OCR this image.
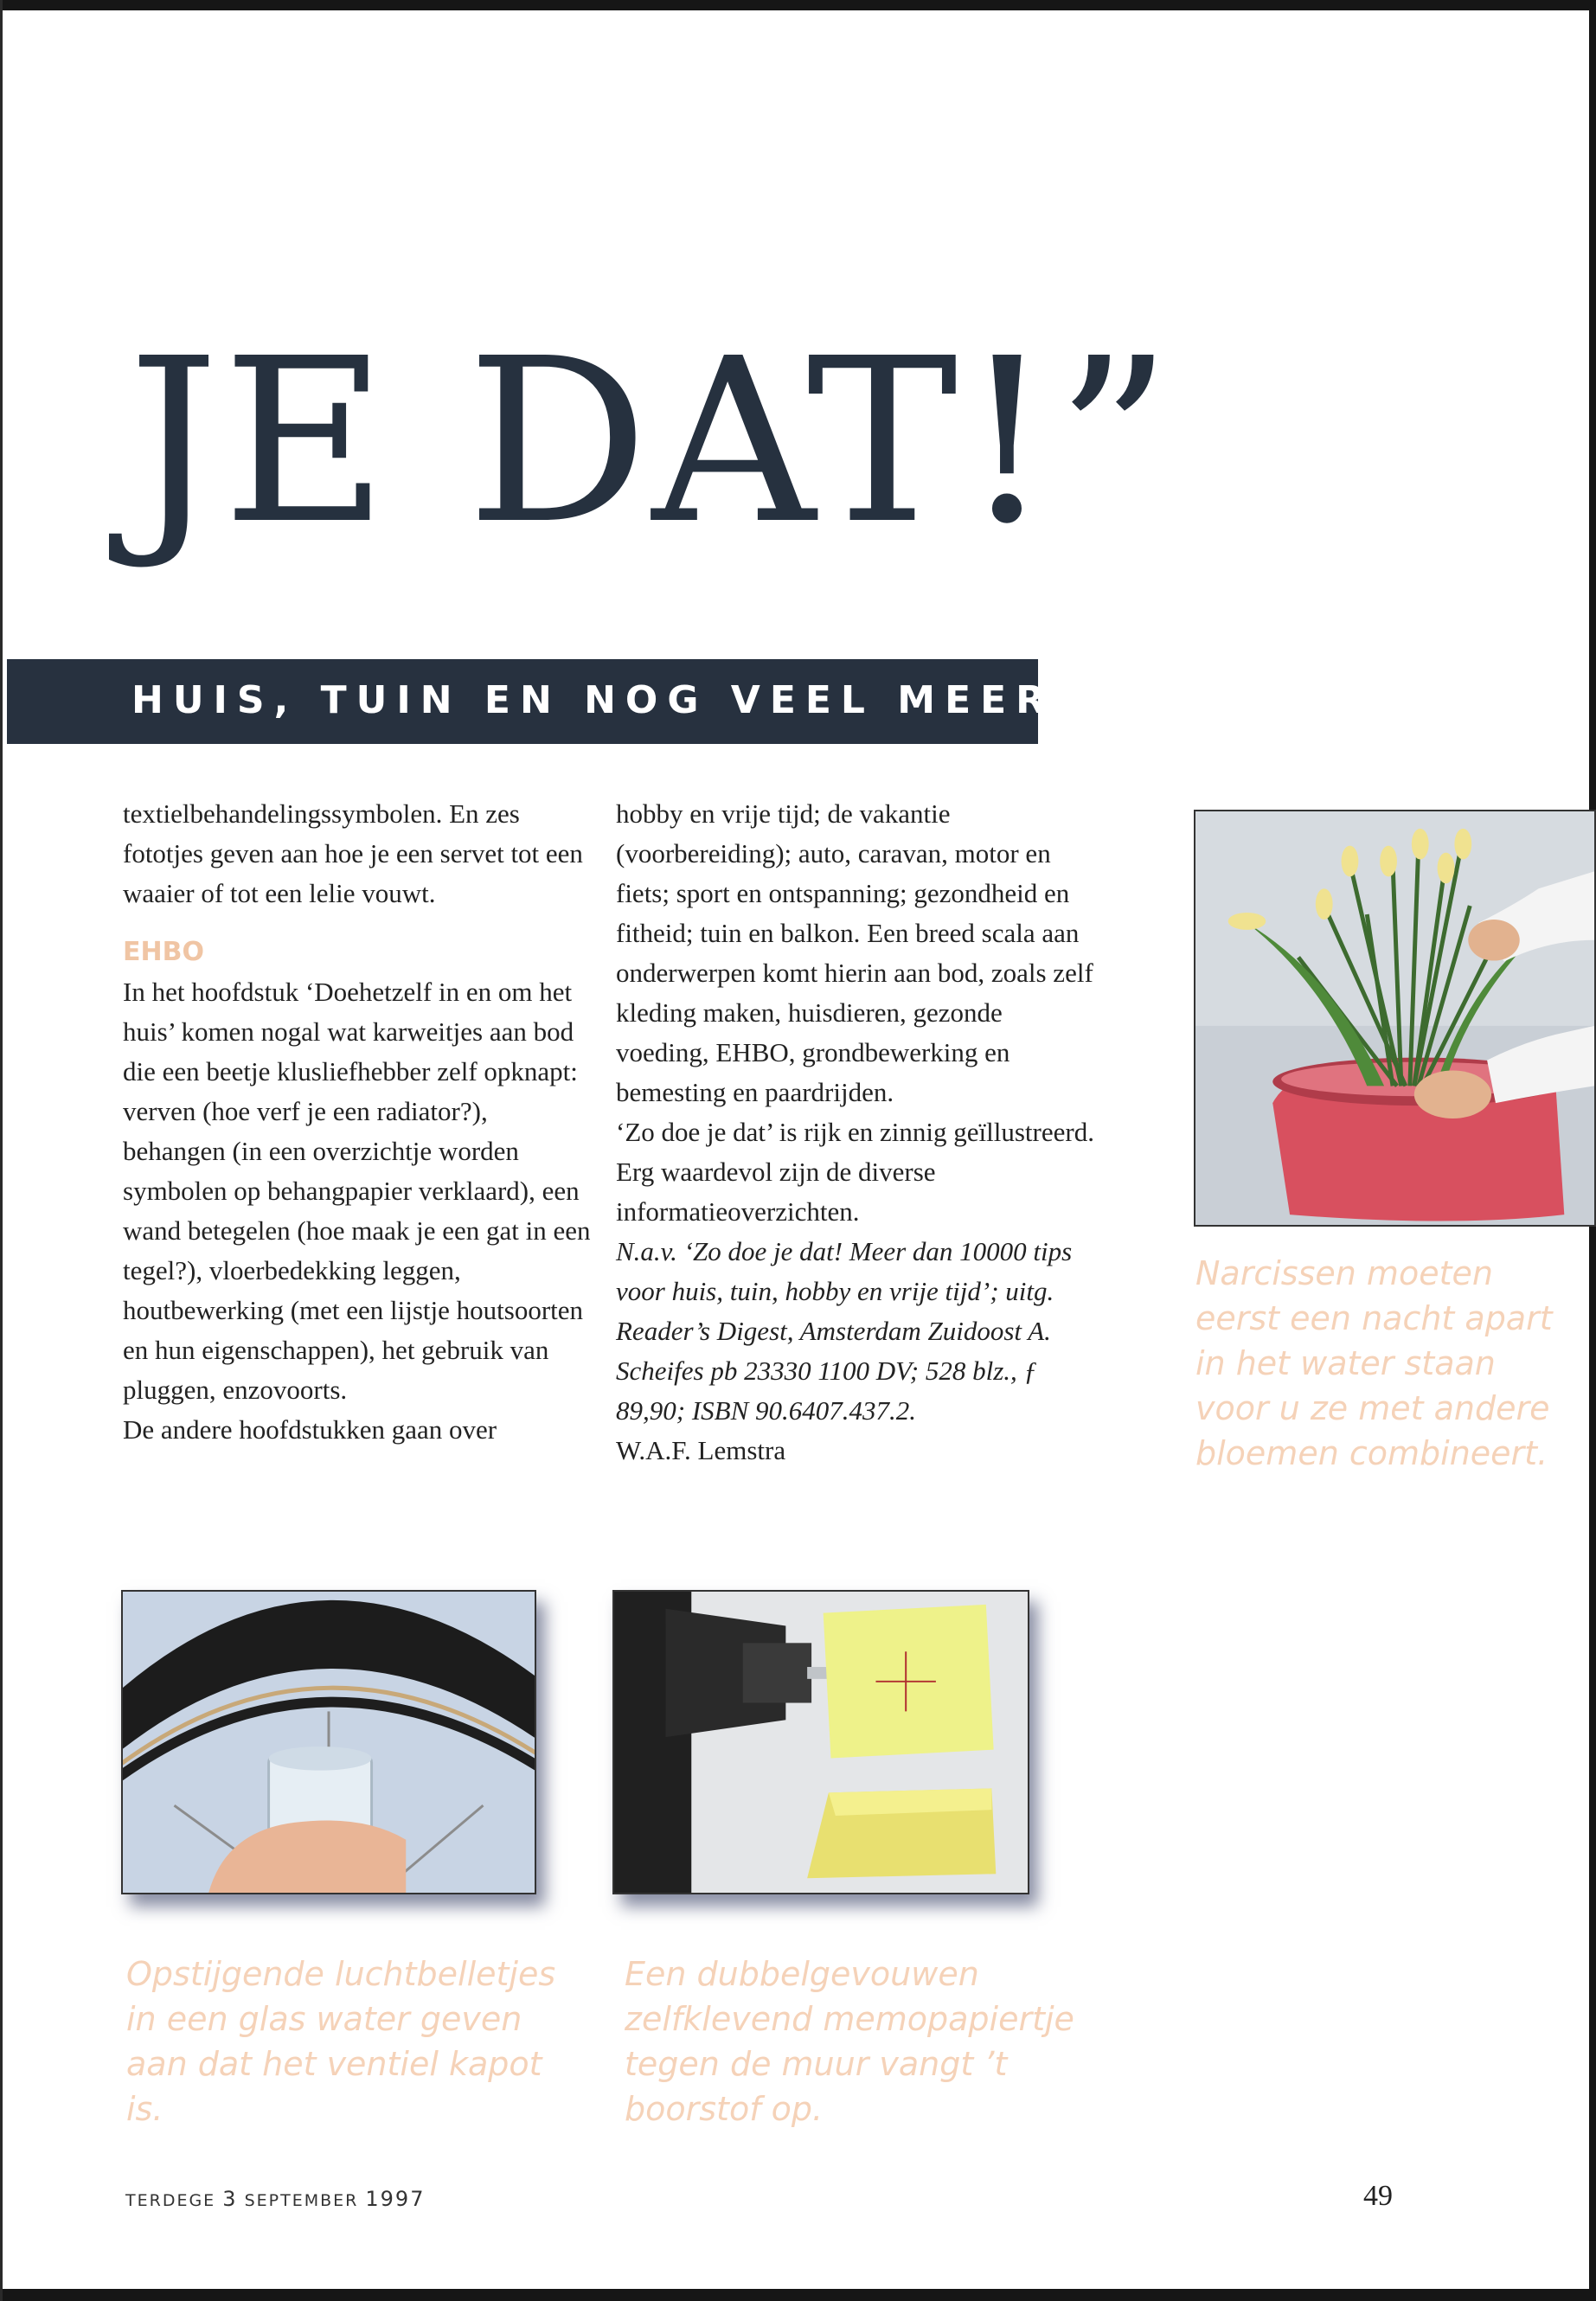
JE DAT!”
HUIS, TUIN EN NOG VEEL MEER

textielbehandelingssymbolen. En zes fototjes geven aan hoe je een servet tot een waaier of tot een lelie vouwt.

EHBO

In het hoofdstuk ‘Doehetzelf in en om het huis’ komen nogal wat karweitjes aan bod die een beetje klusliefhebber zelf opknapt: verven (hoe verf je een radiator?), behangen (in een overzichtje worden symbolen op behangpapier verklaard), een wand betegelen (hoe maak je een gat in een tegel?), vloerbedekking leggen, houtbewerking (met een lijstje houtsoorten en hun eigenschappen), het gebruik van pluggen, enzovoorts.

De andere hoofdstukken gaan over

hobby en vrije tijd; de vakantie (voorbereiding); auto, caravan, motor en fiets; sport en ontspanning; gezondheid en fitheid; tuin en balkon. Een breed scala aan onderwerpen komt hierin aan bod, zoals zelf kleding maken, huisdieren, gezonde voeding, EHBO, grondbewerking en bemesting en paardrijden.

‘Zo doe je dat’ is rijk en zinnig geïllustreerd. Erg waardevol zijn de diverse informatieoverzichten.

N.a.v. ‘Zo doe je dat! Meer dan 10000 tips voor huis, tuin, hobby en vrije tijd’; uitg. Reader’s Digest, Amsterdam Zuidoost A. Scheifes pb 23330 1100 DV; 528 blz., ƒ 89,90; ISBN 90.6407.437.2.

W.A.F. Lemstra

Narcissen moeten eerst een nacht apart in het water staan voor u ze met andere bloemen combineert.

Opstijgende luchtbelletjes in een glas water geven aan dat het ventiel kapot is.

Een dubbelgevouwen zelfklevend memopapiertje tegen de muur vangt ’t boorstof op.

TERDEGE 3 SEPTEMBER 1997	49
